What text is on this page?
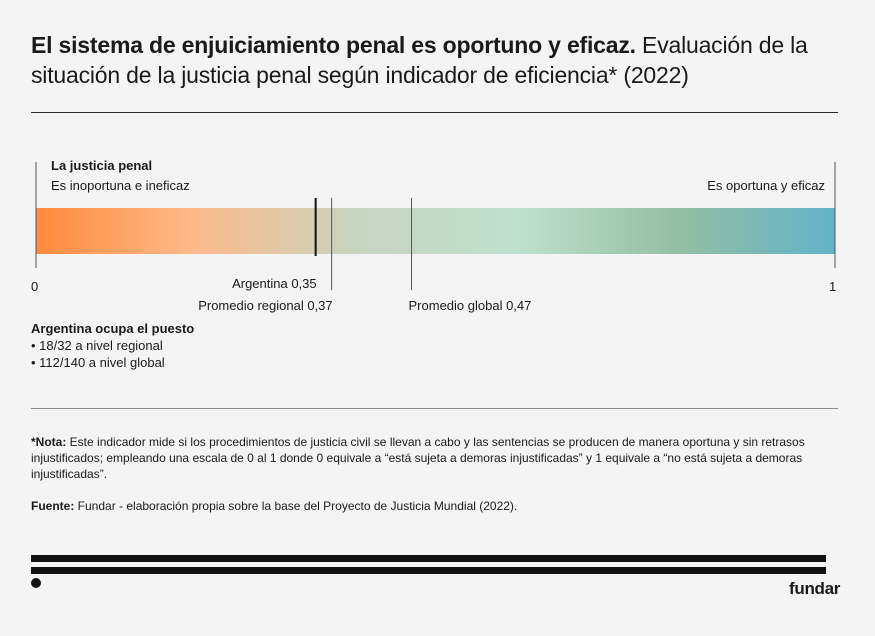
El sistema de enjuiciamiento penal es oportuno y eficaz. Evaluación de la situación de la justicia penal según indicador de eficiencia* (2022)
La justicia penal
Es inoportuna e ineficaz	Es oportuna y eficaz
Argentina 0,35
Promedio regional 0,37	Promedio global 0,47
0	1
Argentina ocupa el puesto
• 18/32 a nivel regional
• 112/140 a nivel global

*Nota: Este indicador mide si los procedimientos de justicia civil se llevan a cabo y las sentencias se producen de manera oportuna y sin retrasos injustificados; empleando una escala de 0 al 1 donde 0 equivale a “está sujeta a demoras injustificadas” y 1 equivale a “no está sujeta a demoras injustificadas”.

Fuente: Fundar - elaboración propia sobre la base del Proyecto de Justicia Mundial (2022).

fundar
